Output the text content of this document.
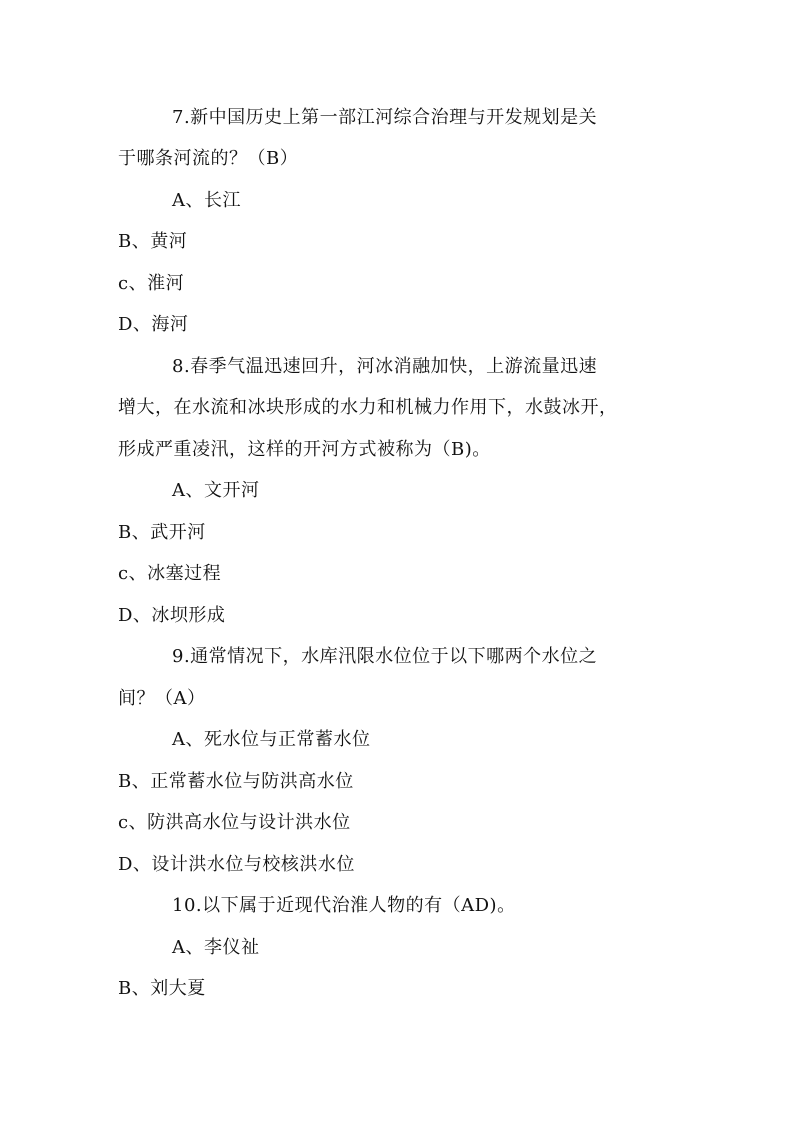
7.新中国历史上第一部江河综合治理与开发规划是关
于哪条河流的？（B）
A、长江
B、黄河
c、淮河
D、海河
8.春季气温迅速回升，河冰消融加快，上游流量迅速
增大，在水流和冰块形成的水力和机械力作用下，水鼓冰开，
形成严重凌汛，这样的开河方式被称为（B)。
A、文开河
B、武开河
c、冰塞过程
D、冰坝形成
9.通常情况下，水库汛限水位位于以下哪两个水位之
间？（A）
A、死水位与正常蓄水位
B、正常蓄水位与防洪高水位
c、防洪高水位与设计洪水位
D、设计洪水位与校核洪水位
10.以下属于近现代治淮人物的有（AD)。
A、李仪祉
B、刘大夏
